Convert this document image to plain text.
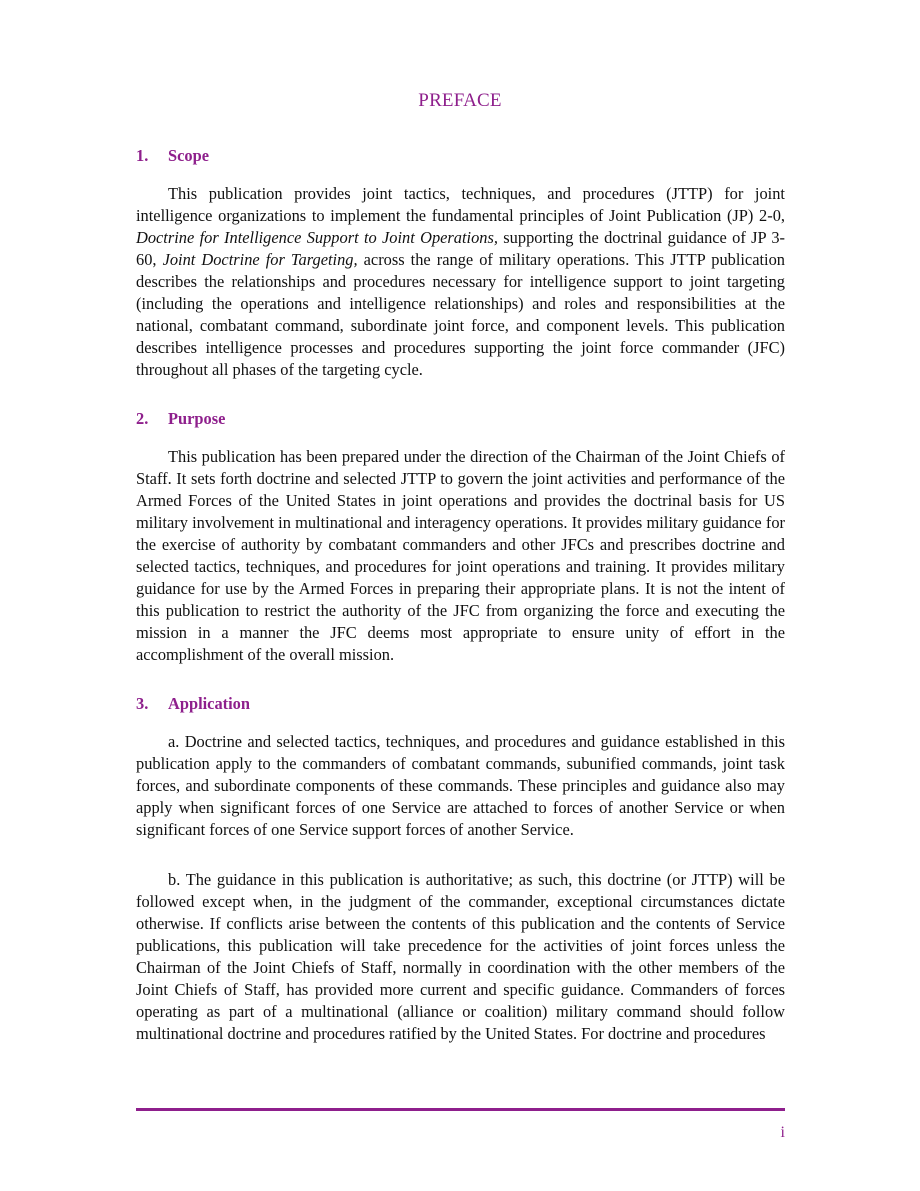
PREFACE
1. Scope

This publication provides joint tactics, techniques, and procedures (JTTP) for joint intelligence organizations to implement the fundamental principles of Joint Publication (JP) 2-0, Doctrine for Intelligence Support to Joint Operations, supporting the doctrinal guidance of JP 3-60, Joint Doctrine for Targeting, across the range of military operations. This JTTP publication describes the relationships and procedures necessary for intelligence support to joint targeting (including the operations and intelligence relationships) and roles and responsibilities at the national, combatant command, subordinate joint force, and component levels. This publication describes intelligence processes and procedures supporting the joint force commander (JFC) throughout all phases of the targeting cycle.

2. Purpose

This publication has been prepared under the direction of the Chairman of the Joint Chiefs of Staff. It sets forth doctrine and selected JTTP to govern the joint activities and performance of the Armed Forces of the United States in joint operations and provides the doctrinal basis for US military involvement in multinational and interagency operations. It provides military guidance for the exercise of authority by combatant commanders and other JFCs and prescribes doctrine and selected tactics, techniques, and procedures for joint operations and training. It provides military guidance for use by the Armed Forces in preparing their appropriate plans. It is not the intent of this publication to restrict the authority of the JFC from organizing the force and executing the mission in a manner the JFC deems most appropriate to ensure unity of effort in the accomplishment of the overall mission.

3. Application

a. Doctrine and selected tactics, techniques, and procedures and guidance established in this publication apply to the commanders of combatant commands, subunified commands, joint task forces, and subordinate components of these commands. These principles and guidance also may apply when significant forces of one Service are attached to forces of another Service or when significant forces of one Service support forces of another Service.

b. The guidance in this publication is authoritative; as such, this doctrine (or JTTP) will be followed except when, in the judgment of the commander, exceptional circumstances dictate otherwise. If conflicts arise between the contents of this publication and the contents of Service publications, this publication will take precedence for the activities of joint forces unless the Chairman of the Joint Chiefs of Staff, normally in coordination with the other members of the Joint Chiefs of Staff, has provided more current and specific guidance. Commanders of forces operating as part of a multinational (alliance or coalition) military command should follow multinational doctrine and procedures ratified by the United States. For doctrine and procedures

i
